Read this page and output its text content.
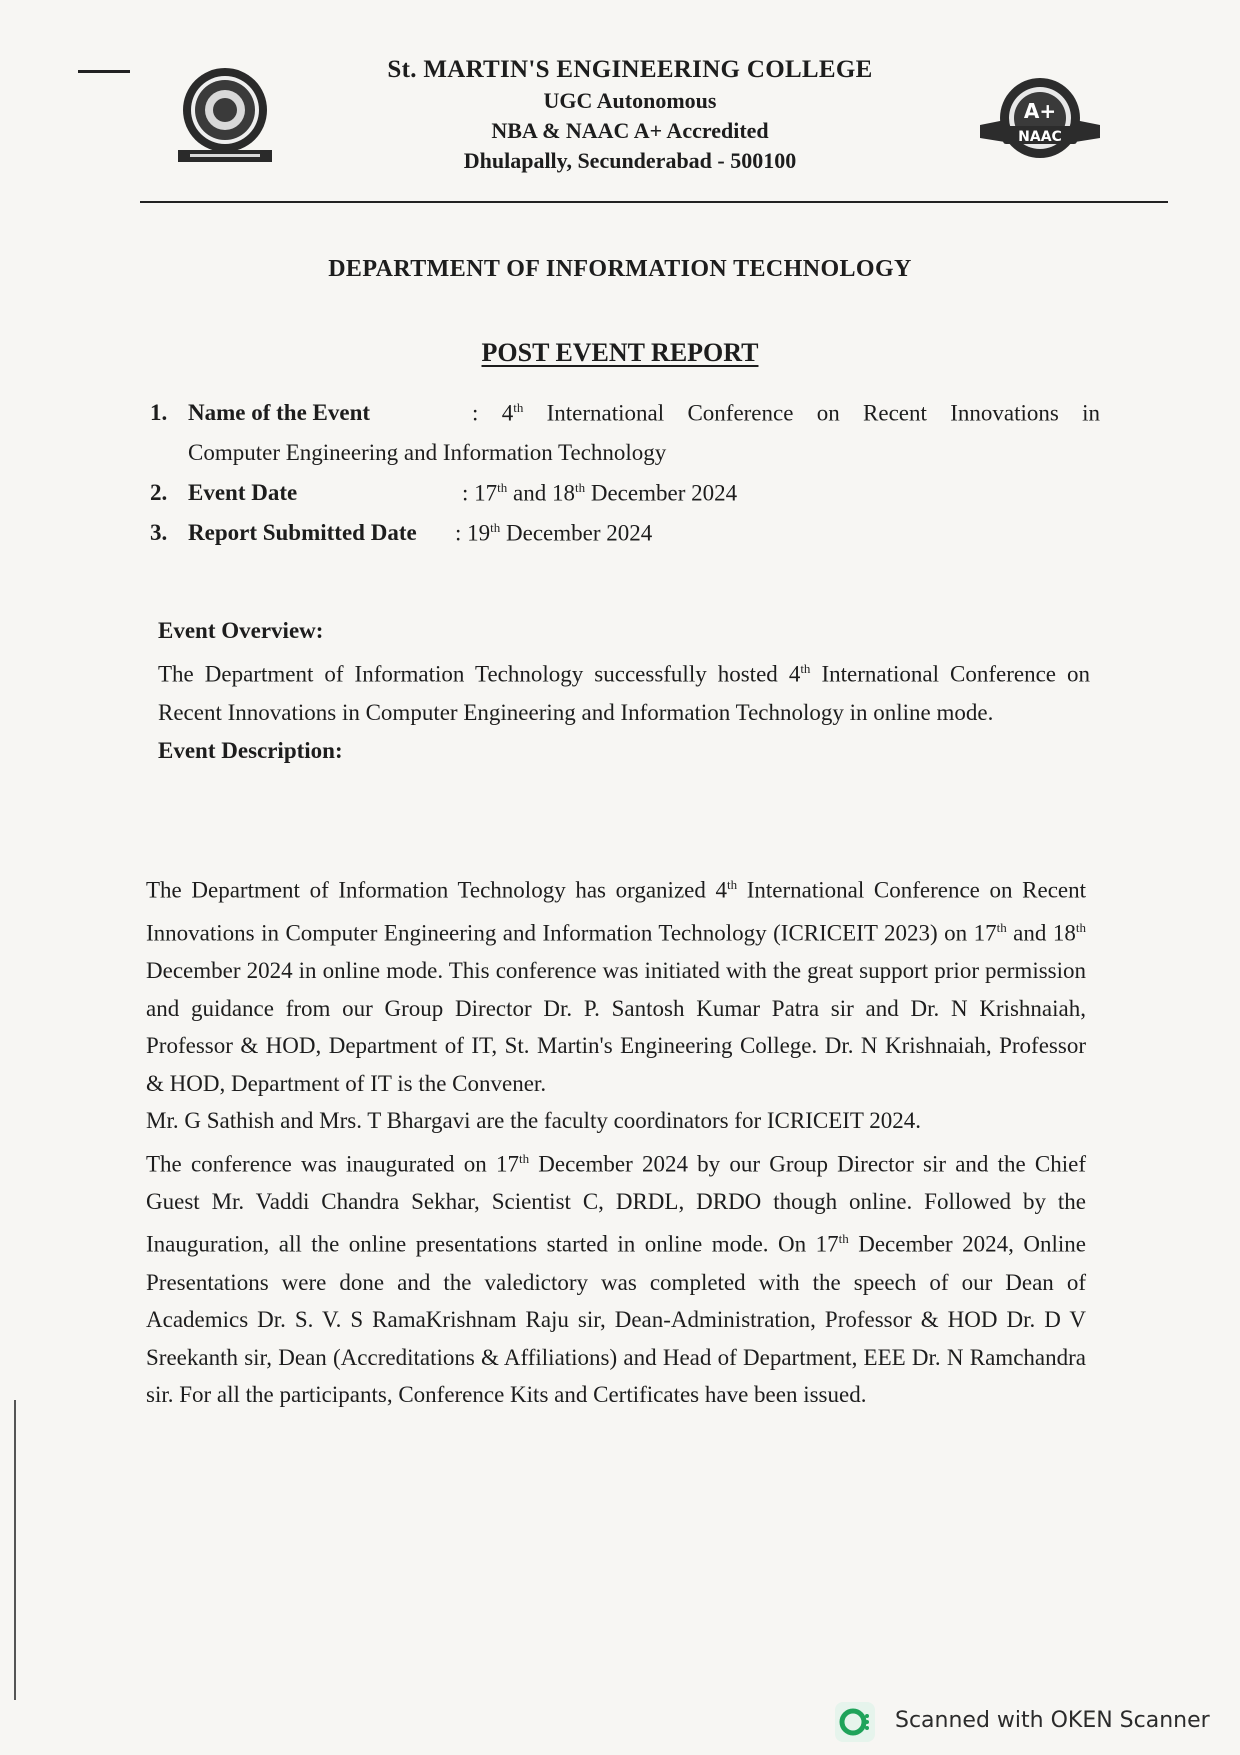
St. MARTIN'S ENGINEERING COLLEGE
UGC Autonomous
NBA & NAAC A+ Accredited
Dhulapally, Secunderabad - 500100
A+
NAAC
DEPARTMENT OF INFORMATION TECHNOLOGY
POST EVENT REPORT
1. Name of the Event	: 4th International Conference on Recent Innovations in
Computer Engineering and Information Technology
2. Event Date	: 17th and 18th December 2024
3. Report Submitted Date : 19th December 2024
Event Overview:
The Department of Information Technology successfully hosted 4th International Conference on Recent Innovations in Computer Engineering and Information Technology in online mode.
Event Description:
The Department of Information Technology has organized 4th International Conference on Recent Innovations in Computer Engineering and Information Technology (ICRICEIT 2023) on 17th and 18th December 2024 in online mode. This conference was initiated with the great support prior permission and guidance from our Group Director Dr. P. Santosh Kumar Patra sir and Dr. N Krishnaiah, Professor & HOD, Department of IT, St. Martin's Engineering College. Dr. N Krishnaiah, Professor & HOD, Department of IT is the Convener.
Mr. G Sathish and Mrs. T Bhargavi are the faculty coordinators for ICRICEIT 2024.
The conference was inaugurated on 17th December 2024 by our Group Director sir and the Chief Guest Mr. Vaddi Chandra Sekhar, Scientist C, DRDL, DRDO though online. Followed by the Inauguration, all the online presentations started in online mode. On 17th December 2024, Online Presentations were done and the valedictory was completed with the speech of our Dean of Academics Dr. S. V. S RamaKrishnam Raju sir, Dean-Administration, Professor & HOD Dr. D V Sreekanth sir, Dean (Accreditations & Affiliations) and Head of Department, EEE Dr. N Ramchandra sir. For all the participants, Conference Kits and Certificates have been issued.
Scanned with OKEN Scanner
